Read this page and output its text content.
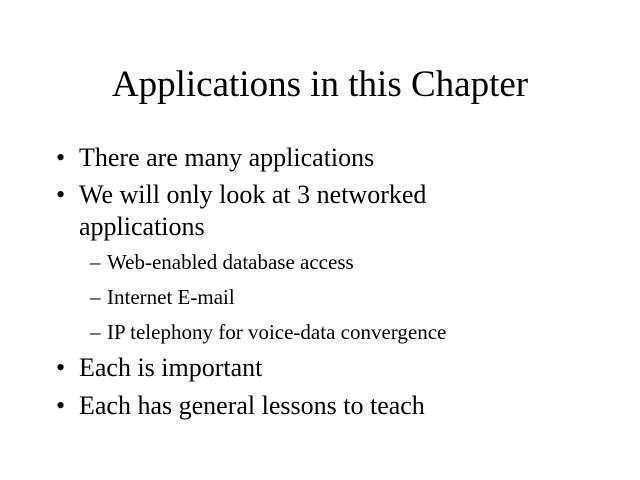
Applications in this Chapter
• There are many applications
• We will only look at 3 networked applications
– Web-enabled database access
– Internet E-mail
– IP telephony for voice-data convergence
• Each is important
• Each has general lessons to teach
